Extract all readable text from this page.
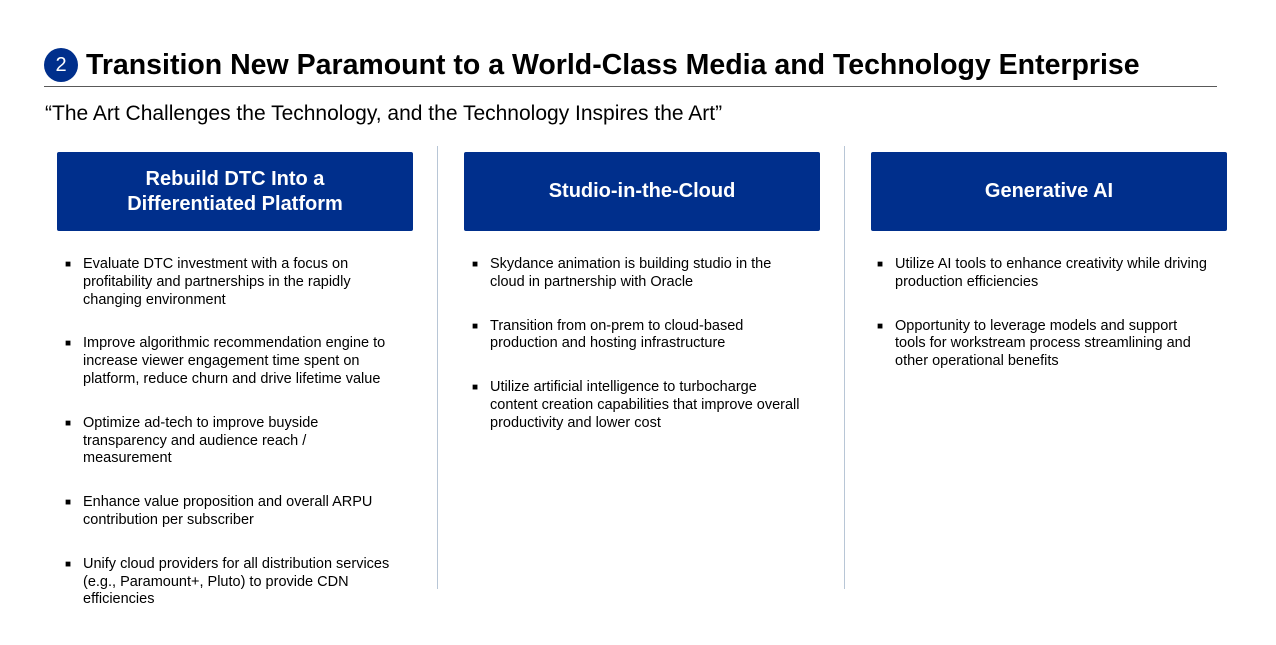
2 Transition New Paramount to a World-Class Media and Technology Enterprise
“The Art Challenges the Technology, and the Technology Inspires the Art”
Rebuild DTC Into a Differentiated Platform
■ Evaluate DTC investment with a focus on profitability and partnerships in the rapidly changing environment
■ Improve algorithmic recommendation engine to increase viewer engagement time spent on platform, reduce churn and drive lifetime value
■ Optimize ad-tech to improve buyside transparency and audience reach / measurement
■ Enhance value proposition and overall ARPU contribution per subscriber
■ Unify cloud providers for all distribution services (e.g., Paramount+, Pluto) to provide CDN efficiencies
Studio-in-the-Cloud
■ Skydance animation is building studio in the cloud in partnership with Oracle
■ Transition from on-prem to cloud-based production and hosting infrastructure
■ Utilize artificial intelligence to turbocharge content creation capabilities that improve overall productivity and lower cost
Generative AI
■ Utilize AI tools to enhance creativity while driving production efficiencies
■ Opportunity to leverage models and support tools for workstream process streamlining and other operational benefits
